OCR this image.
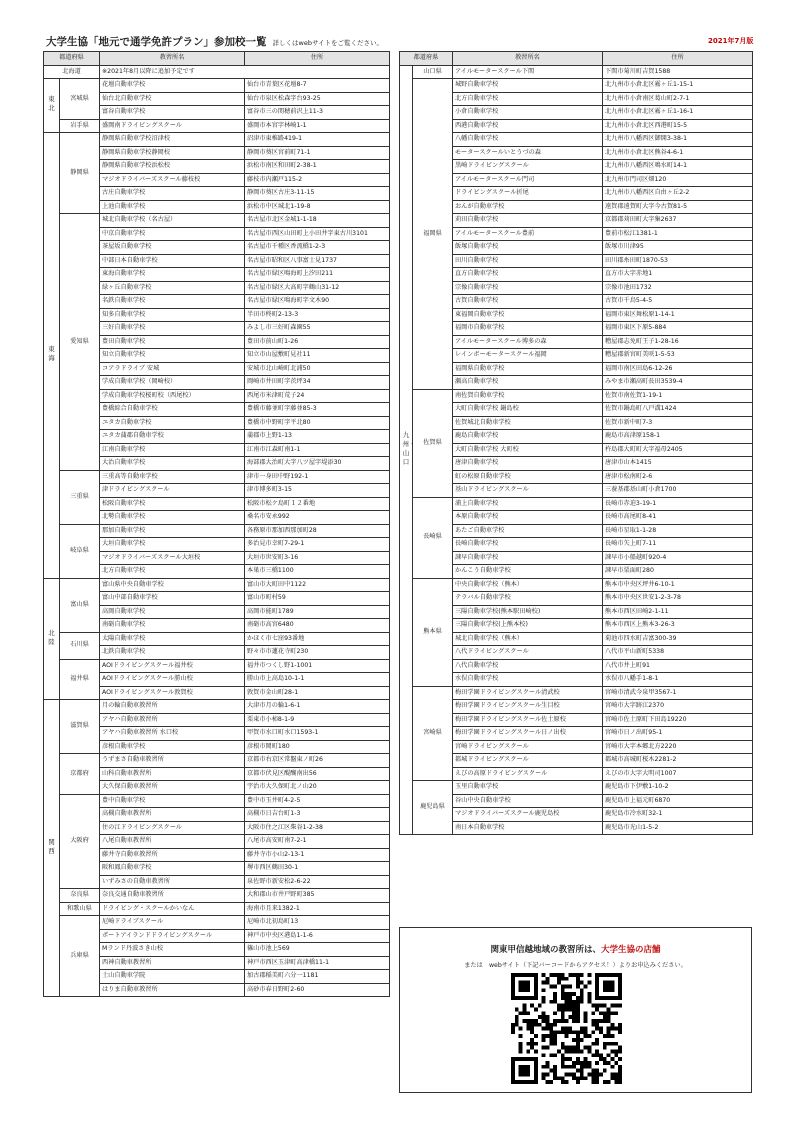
大学生協「地元で通学免許プラン」参加校一覧 詳しくはwebサイトをご覧ください。	2021年7月版
都道府県		教習所名	住所
北海道		※2021年8月以降に追加予定です	
東北	宮城県	花壇自動車学校	仙台市青葉区花壇8-7
		仙台北自動車学校	仙台市泉区松森字台93-25
		富谷自動車学校	富谷市三の関穂前沢上11-3
	岩手県	盛岡南ドライビングスクール	盛岡市本宮字林崎1-1
東海	静岡県	静岡県自動車学校沼津校	沼津市東椎路419-1
		静岡県自動車学校静岡校	静岡市葵区宮前町71-1
		静岡県自動車学校浜松校	浜松市南区和田町2-38-1
		マジオドライバーズスクール藤枝校	藤枝市内瀬戸115-2
		古庄自動車学校	静岡市葵区古庄3-11-15
		上池自動車学校	浜松市中区城北1-19-8
	愛知県	城北自動車学校（名古屋）	名古屋市北区金城1-1-18
		中京自動車学校	名古屋市西区山田町上小田井字東古川3101
		茶屋坂自動車学校	名古屋市千種区香流橋1-2-3
		中部日本自動車学校	名古屋市昭和区八事富士見1737
		東海自動車学校	名古屋市緑区鳴海町上汐田211
		緑ヶ丘自動車学校	名古屋市緑区大高町字鶴山31-12
		名鉄自動車学校	名古屋市緑区鳴海町字文木90
		知多自動車学校	半田市柊町2-13-3
		三好自動車学校	みよし市三好町森園55
		豊田自動車学校	豊田市前山町1-26
		知立自動車学校	知立市山屋敷町見社11
		コアラドライブ 安城	安城市北山崎町北浦50
		学成自動車学校（岡崎校）	岡崎市井田町字茨坪34
		学成自動車学校桜町校（西尾校）	西尾市米津町荒子24
		豊橋綜合自動車学校	豊橋市藤並町字藤並85-3
		ユタカ自動車学校	豊橋市中野町字平北80
		ユタカ蒲郡自動車学校	蒲郡市上野1-13
		江南自動車学校	江南市江森町南1-1
		大治自動車学校	海部郡大治町大字八ツ屋字堤添30
	三重県	三重高等自動車学校	津市一身田中野192-1
		津ドライビングスクール	津市博多町3-15
		松阪自動車学校	松阪市松ケ島町１２番地
		北勢自動車学校	桑名市安永992
	岐阜県	那加自動車学校	各務原市那加西那加町28
		大垣自動車学校	多治見市幸町7-29-1
		マジオドライバーズスクール大垣校	大垣市世安町3-16
		北方自動車学校	本巣市三橋1100
北陸	富山県	富山県中央自動車学校	富山市大町田中1122
		富山中部自動車学校	富山市町村59
		高岡自動車学校	高岡市能町1789
		南砺自動車学校	南砺市高宮6480
	石川県	太陽自動車学校	かほく市七窪93番地
		北鉄自動車学校	野々市市蓮花寺町230
	福井県	AOIドライビングスクール福井校	福井市つくし野1-1001
		AOIドライビングスクール勝山校	勝山市上高島10-1-1
		AOIドライビングスクール敦賀校	敦賀市金山町28-1
関西	滋賀県	月の輪自動車教習所	大津市月の輪1-6-1
		アヤハ自動車教習所	栗東市小柿8-1-9
		アヤハ自動車教習所 水口校	甲賀市水口町水口1593-1
		彦根自動車学校	彦根市岡町180
	京都府	うずまさ自動車教習所	京都市右京区常盤東ノ町26
		山科自動車教習所	京都市伏見区醍醐南出56
		大久保自動車教習所	宇治市大久保町北ノ山20
	大阪府	豊中自動車学校	豊中市玉井町4-2-5
		高槻自動車教習所	高槻市日吉台町1-3
		住の江ドライビングスクール	大阪市住之江区柴谷1-2-38
		八尾自動車教習所	八尾市高安町南7-2-1
		藤井寺自動車教習所	藤井寺市小山2-13-1
		阪和鳳自動車学校	堺市西区鶴田30-1
		いずみさの自動車教習所	泉佐野市新安松2-6-22
	奈良県	奈良交通自動車教習所	大和郡山市井戸野町385
	和歌山県	ドライビング・スクールかいなん	海南市且来1382-1
	兵庫県	尼崎ドライブスクール	尼崎市北初島町13
		ポートアイランドドライビングスクール	神戸市中央区港島1-1-6
		Mランド丹波さき山校	篠山市池上569
		西神自動車教習所	神戸市西区玉津町高津橋11-1
		土山自動車学院	加古郡稲美町六分一1181
		はりま自動車教習所	高砂市春日野町2-60
都道府県		教習所名	住所
九州・山口	山口県	アイルモータースクール下関	下関市菊川町吉賀1588
	福岡県	城野自動車学校	北九州市小倉北区霧ヶ丘1-15-1
		北方自動車学校	北九州市小倉南区葛山町2-7-1
		小倉自動車学校	北九州市小倉北区霧ヶ丘1-16-1
		西港自動車学校	北九州市小倉北区西港町15-5
		八幡自動車学校	北九州市八幡西区御開3-38-1
		モータースクールいとうづの森	北九州市小倉北区熊谷4-6-1
		黒崎ドライビングスクール	北九州市八幡西区鳴水町14-1
		アイルモータースクール門司	北九州市門司区畑120
		ドライビングスクール折尾	北九州市八幡西区自由ヶ丘2-2
		おんが自動車学校	遠賀郡遠賀町大字今古賀81-5
		苅田自動車学校	京都郡苅田町大字集2637
		アイルモータースクール豊前	豊前市松江1381-1
		飯塚自動車学校	飯塚市川津95
		田川自動車学校	田川郡糸田町1870-53
		直方自動車学校	直方市大字赤地1
		宗像自動車学校	宗像市池田1732
		古賀自動車学校	古賀市千鳥5-4-5
		東福岡自動車学校	福岡市東区舞松原1-14-1
		福岡市自動車学校	福岡市東区下原5-884
		アイルモータースクール博多の森	糟屋郡志免町王子1-28-16
		レインボーモータースクール福岡	糟屋郡新宮町美咲1-5-53
		福岡県自動車学校	福岡市南区田島6-12-26
		瀬高自動車学校	みやま市瀬高町長田3539-4
	佐賀県	南佐賀自動車学校	佐賀市南佐賀1-19-1
		大町自動車学校 鍋島校	佐賀市鍋島町八戸溝1424
		佐賀城北自動車学校	佐賀市新中町7-3
		鹿島自動車学校	鹿島市高津原158-1
		大町自動車学校 大町校	杵島郡大町町大字福母2405
		唐津自動車学校	唐津市山本1415
		虹の松原自動車学校	唐津市松南町2-6
		基山ドライビングスクール	三養基郡基山町小倉1700
	長崎県	浦上自動車学校	長崎市赤迫3-19-1
		本原自動車学校	長崎市高尾町8-41
		あたご自動車学校	長崎市星取1-1-28
		長崎自動車学校	長崎市矢上町7-11
		諫早自動車学校	諫早市小船越町920-4
		かんこう自動車学校	諫早市栗面町280
	熊本県	中央自動車学校（熊本）	熊本市中央区坪井6-10-1
		テラバル自動車学校	熊本市中央区世安1-2-3-78
		三陽自動車学校(熊本駅田崎校)	熊本市西区田崎2-1-11
		三陽自動車学校(上熊本校)	熊本市西区上熊本3-26-3
		城北自動車学校（熊本）	菊池市四水町吉富300-39
		八代ドライビングスクール	八代市平山新町5338
		八代自動車学校	八代市井上町91
		水俣自動車学校	水俣市八幡手1-8-1
	宮崎県	梅田学園ドライビングスクール清武校	宮崎市清武今泉甲3567-1
		梅田学園ドライビングスクール生目校	宮崎市大字跡江2370
		梅田学園ドライビングスクール佐土原校	宮崎市佐土原町下田島19220
		梅田学園ドライビングスクール日ノ出校	宮崎市日ノ出町95-1
		宮崎ドライビングスクール	宮崎市大字本郷北方2220
		都城ドライビングスクール	都城市高城町桜木2281-2
		えびの高原ドライビングスクール	えびの市大字大明司1007
	鹿児島県	玉里自動車学校	鹿児島市下伊敷1-10-2
		谷山中央自動車学校	鹿児島市上福元町6870
		マジオドライバーズスクール鹿児島校	鹿児島市冷水町32-1
		南日本自動車学校	鹿児島市光山1-5-2
関東甲信越地域の教習所は、大学生協の店舗
または　webサイト（下記バーコードからアクセス！）よりお申込みください。
